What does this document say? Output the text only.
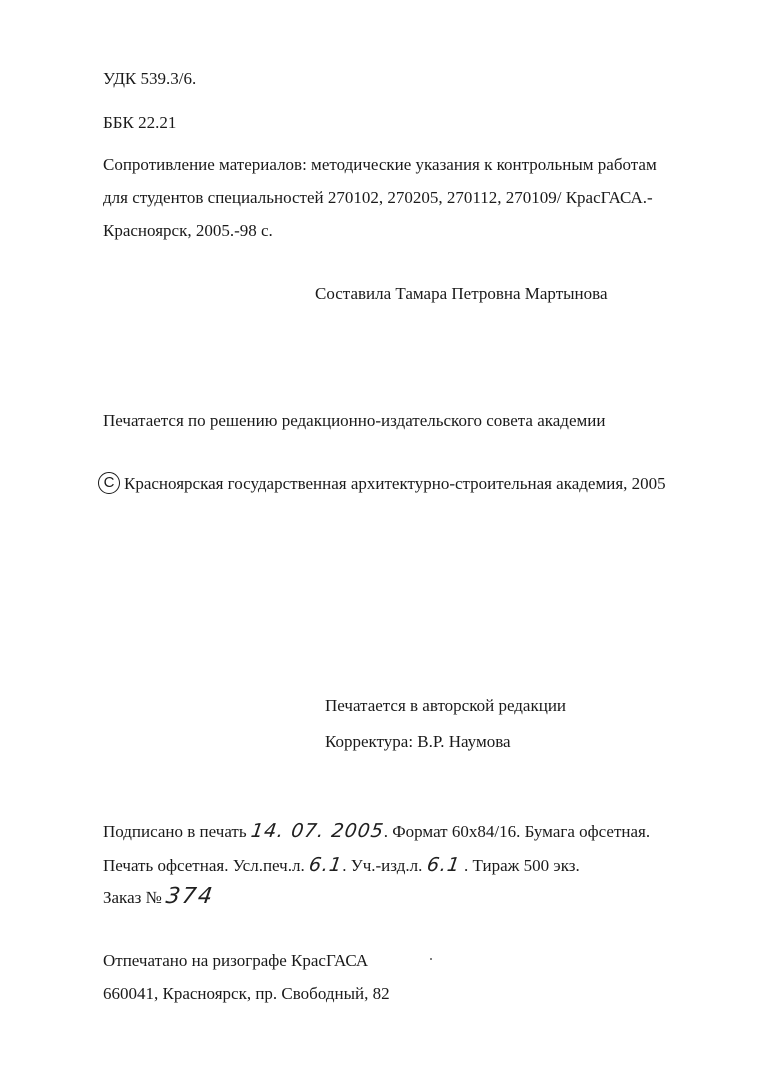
УДК 539.3/6.
ББК 22.21
Сопротивление материалов: методические указания к контрольным работам
для студентов специальностей 270102, 270205, 270112, 270109/ КрасГАСА.-
Красноярск, 2005.-98 с.
Составила Тамара Петровна Мартынова
Печатается по решению редакционно-издательского совета академии
C Красноярская государственная архитектурно-строительная академия, 2005
Печатается в авторской редакции
Корректура: В.Р. Наумова
Подписано в печать 14. 07. 2005. Формат 60х84/16. Бумага офсетная.
Печать офсетная. Усл.печ.л. 6.1. Уч.-изд.л. 6.1 . Тираж 500 экз.
Заказ № 374
Отпечатано на ризографе КрасГАСА
660041, Красноярск, пр. Свободный, 82
